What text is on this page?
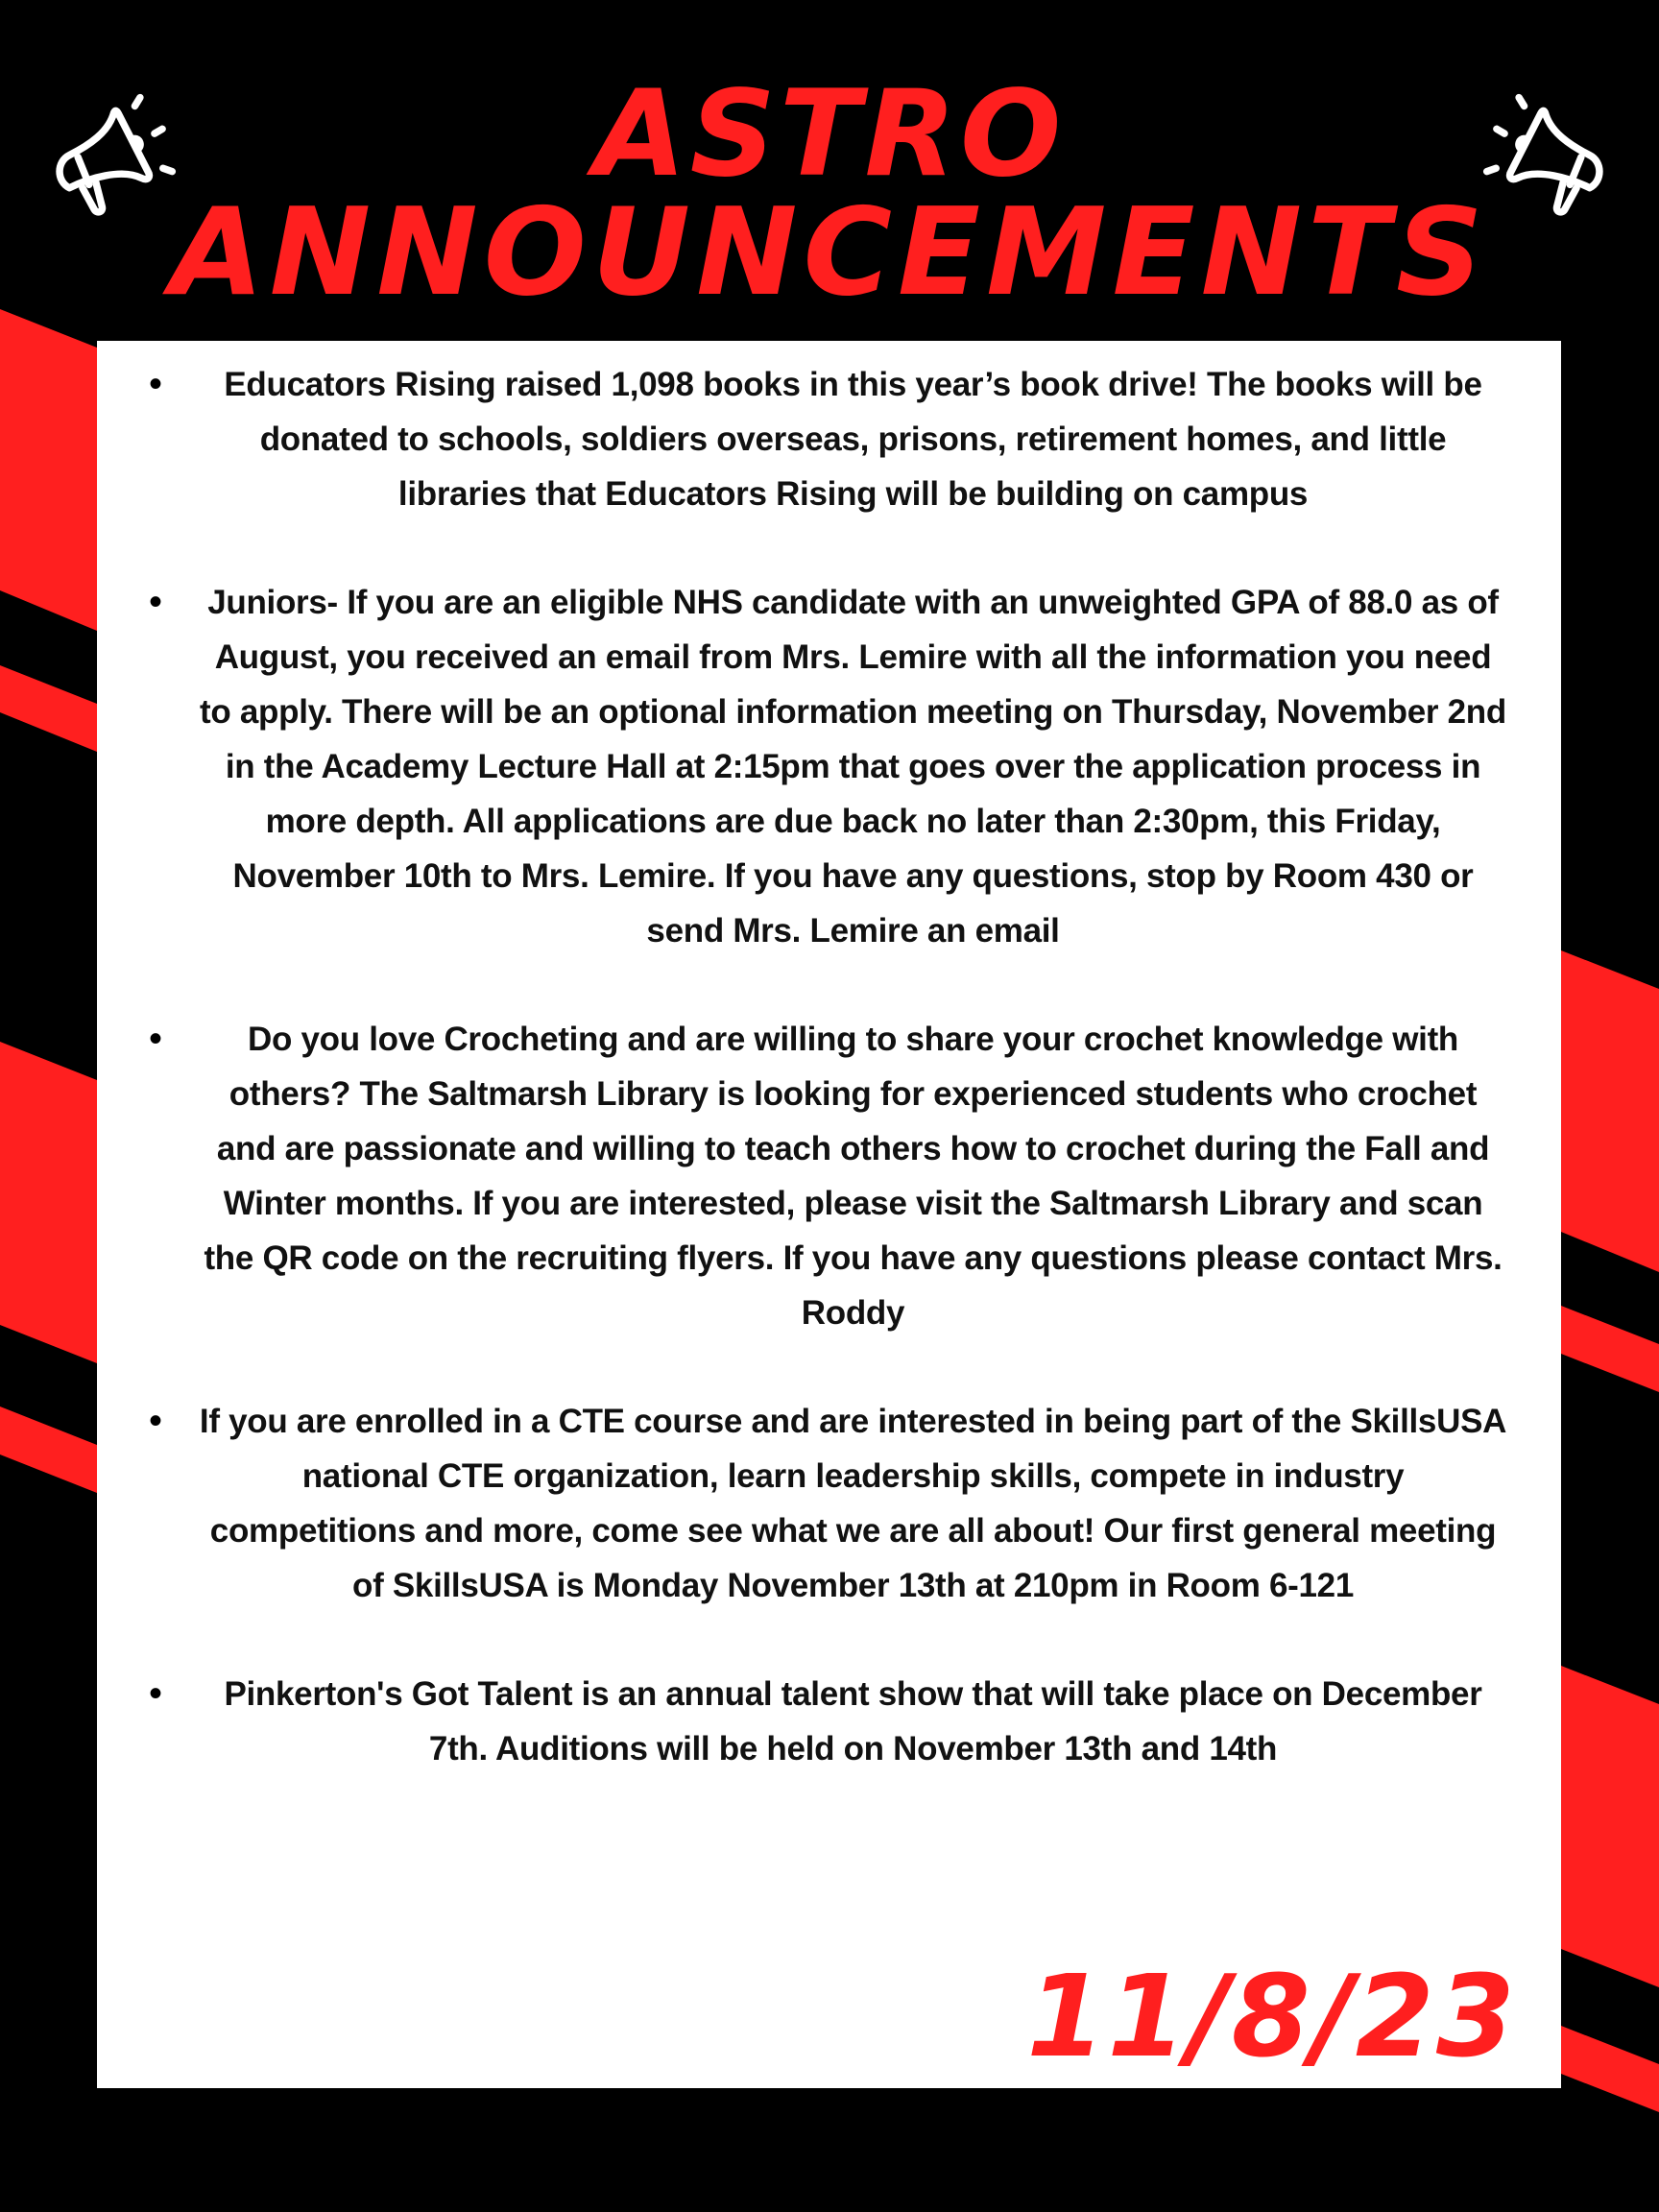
ASTRO
ANNOUNCEMENTS
•	Educators Rising raised 1,098 books in this year’s book drive! The books will be donated to schools, soldiers overseas, prisons, retirement homes, and little libraries that Educators Rising will be building on campus

•	Juniors- If you are an eligible NHS candidate with an unweighted GPA of 88.0 as of August, you received an email from Mrs. Lemire with all the information you need to apply. There will be an optional information meeting on Thursday, November 2nd in the Academy Lecture Hall at 2:15pm that goes over the application process in more depth. All applications are due back no later than 2:30pm, this Friday, November 10th to Mrs. Lemire. If you have any questions, stop by Room 430 or send Mrs. Lemire an email

•	Do you love Crocheting and are willing to share your crochet knowledge with others? The Saltmarsh Library is looking for experienced students who crochet and are passionate and willing to teach others how to crochet during the Fall and Winter months. If you are interested, please visit the Saltmarsh Library and scan the QR code on the recruiting flyers. If you have any questions please contact Mrs. Roddy

•	If you are enrolled in a CTE course and are interested in being part of the SkillsUSA national CTE organization, learn leadership skills, compete in industry competitions and more, come see what we are all about! Our first general meeting of SkillsUSA is Monday November 13th at 210pm in Room 6-121

•	Pinkerton's Got Talent is an annual talent show that will take place on December 7th. Auditions will be held on November 13th and 14th

11/8/23
